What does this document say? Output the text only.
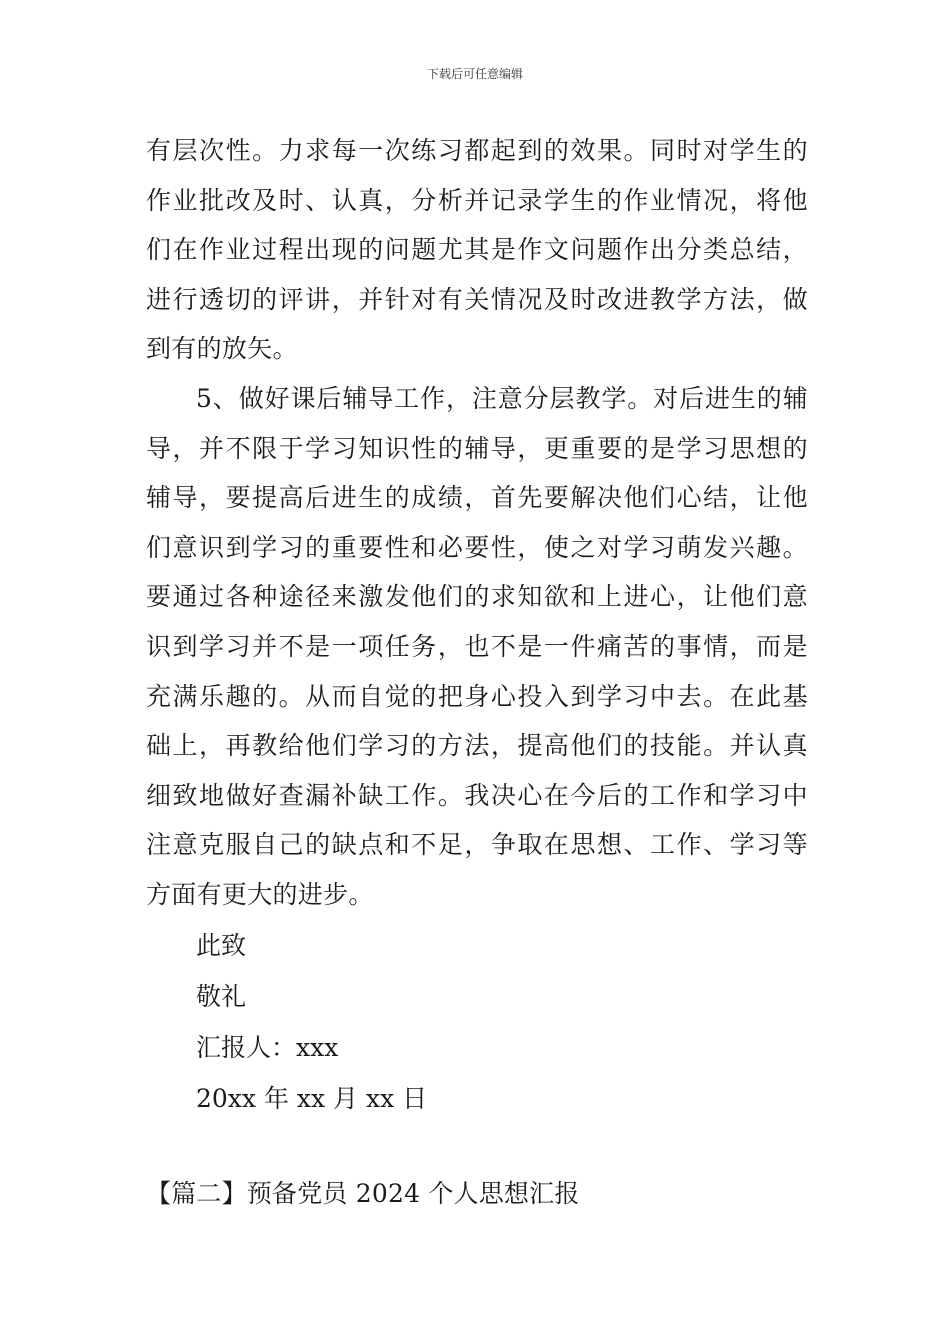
下载后可任意编辑
有层次性。力求每一次练习都起到的效果。同时对学生的
作业批改及时、认真，分析并记录学生的作业情况，将他
们在作业过程出现的问题尤其是作文问题作出分类总结，
进行透切的评讲，并针对有关情况及时改进教学方法，做
到有的放矢。
5、做好课后辅导工作，注意分层教学。对后进生的辅
导，并不限于学习知识性的辅导，更重要的是学习思想的
辅导，要提高后进生的成绩，首先要解决他们心结，让他
们意识到学习的重要性和必要性，使之对学习萌发兴趣。
要通过各种途径来激发他们的求知欲和上进心，让他们意
识到学习并不是一项任务，也不是一件痛苦的事情，而是
充满乐趣的。从而自觉的把身心投入到学习中去。在此基
础上，再教给他们学习的方法，提高他们的技能。并认真
细致地做好查漏补缺工作。我决心在今后的工作和学习中
注意克服自己的缺点和不足，争取在思想、工作、学习等
方面有更大的进步。
此致
敬礼
汇报人：xxx
20xx 年 xx 月 xx 日
【篇二】预备党员 2024 个人思想汇报
